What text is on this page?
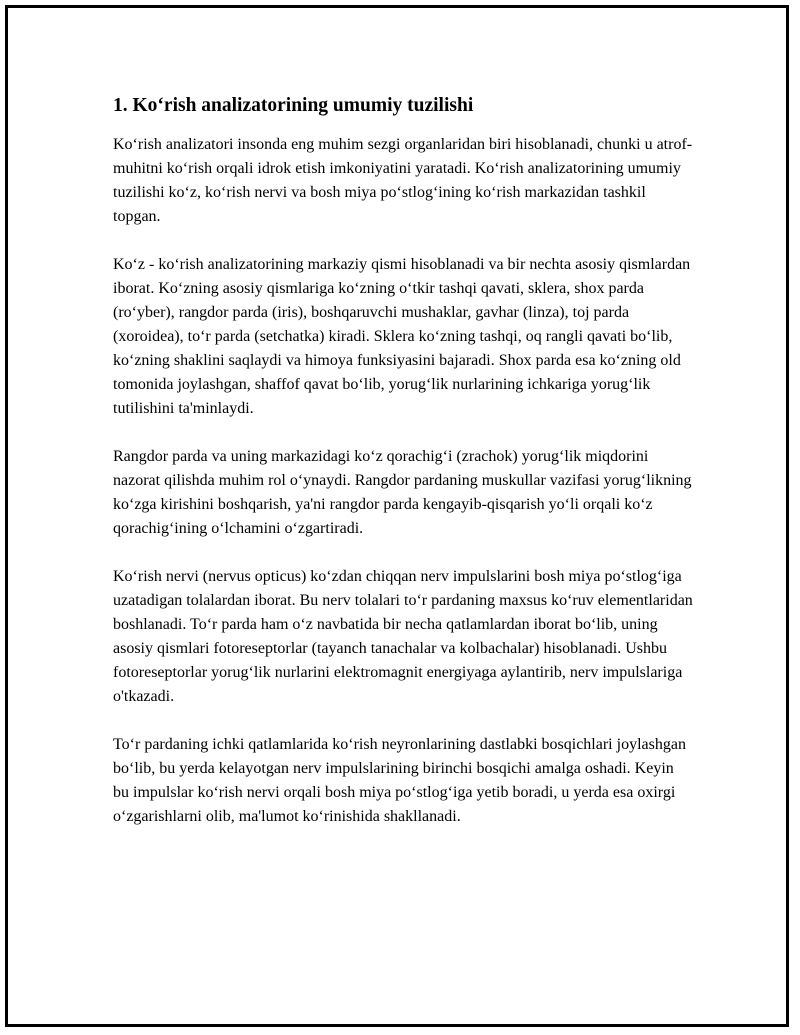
1. Ko‘rish analizatorining umumiy tuzilishi

Ko‘rish analizatori insonda eng muhim sezgi organlaridan biri hisoblanadi, chunki u atrof-muhitni ko‘rish orqali idrok etish imkoniyatini yaratadi. Ko‘rish analizatorining umumiy tuzilishi ko‘z, ko‘rish nervi va bosh miya po‘stlog‘ining ko‘rish markazidan tashkil topgan.

Ko‘z - ko‘rish analizatorining markaziy qismi hisoblanadi va bir nechta asosiy qismlardan iborat. Ko‘zning asosiy qismlariga ko‘zning o‘tkir tashqi qavati, sklera, shox parda (ro‘yber), rangdor parda (iris), boshqaruvchi mushaklar, gavhar (linza), toj parda (xoroidea), to‘r parda (setchatka) kiradi. Sklera ko‘zning tashqi, oq rangli qavati bo‘lib, ko‘zning shaklini saqlaydi va himoya funksiyasini bajaradi. Shox parda esa ko‘zning old tomonida joylashgan, shaffof qavat bo‘lib, yorug‘lik nurlarining ichkariga yorug‘lik tutilishini ta'minlaydi.

Rangdor parda va uning markazidagi ko‘z qorachig‘i (zrachok) yorug‘lik miqdorini nazorat qilishda muhim rol o‘ynaydi. Rangdor pardaning muskullar vazifasi yorug‘likning ko‘zga kirishini boshqarish, ya'ni rangdor parda kengayib-qisqarish yo‘li orqali ko‘z qorachig‘ining o‘lchamini o‘zgartiradi.

Ko‘rish nervi (nervus opticus) ko‘zdan chiqqan nerv impulslarini bosh miya po‘stlog‘iga uzatadigan tolalardan iborat. Bu nerv tolalari to‘r pardaning maxsus ko‘ruv elementlaridan boshlanadi. To‘r parda ham o‘z navbatida bir necha qatlamlardan iborat bo‘lib, uning asosiy qismlari fotoreseptorlar (tayanch tanachalar va kolbachalar) hisoblanadi. Ushbu fotoreseptorlar yorug‘lik nurlarini elektromagnit energiyaga aylantirib, nerv impulslariga o'tkazadi.

To‘r pardaning ichki qatlamlarida ko‘rish neyronlarining dastlabki bosqichlari joylashgan bo‘lib, bu yerda kelayotgan nerv impulslarining birinchi bosqichi amalga oshadi. Keyin bu impulslar ko‘rish nervi orqali bosh miya po‘stlog‘iga yetib boradi, u yerda esa oxirgi o‘zgarishlarni olib, ma'lumot ko‘rinishida shakllanadi.
